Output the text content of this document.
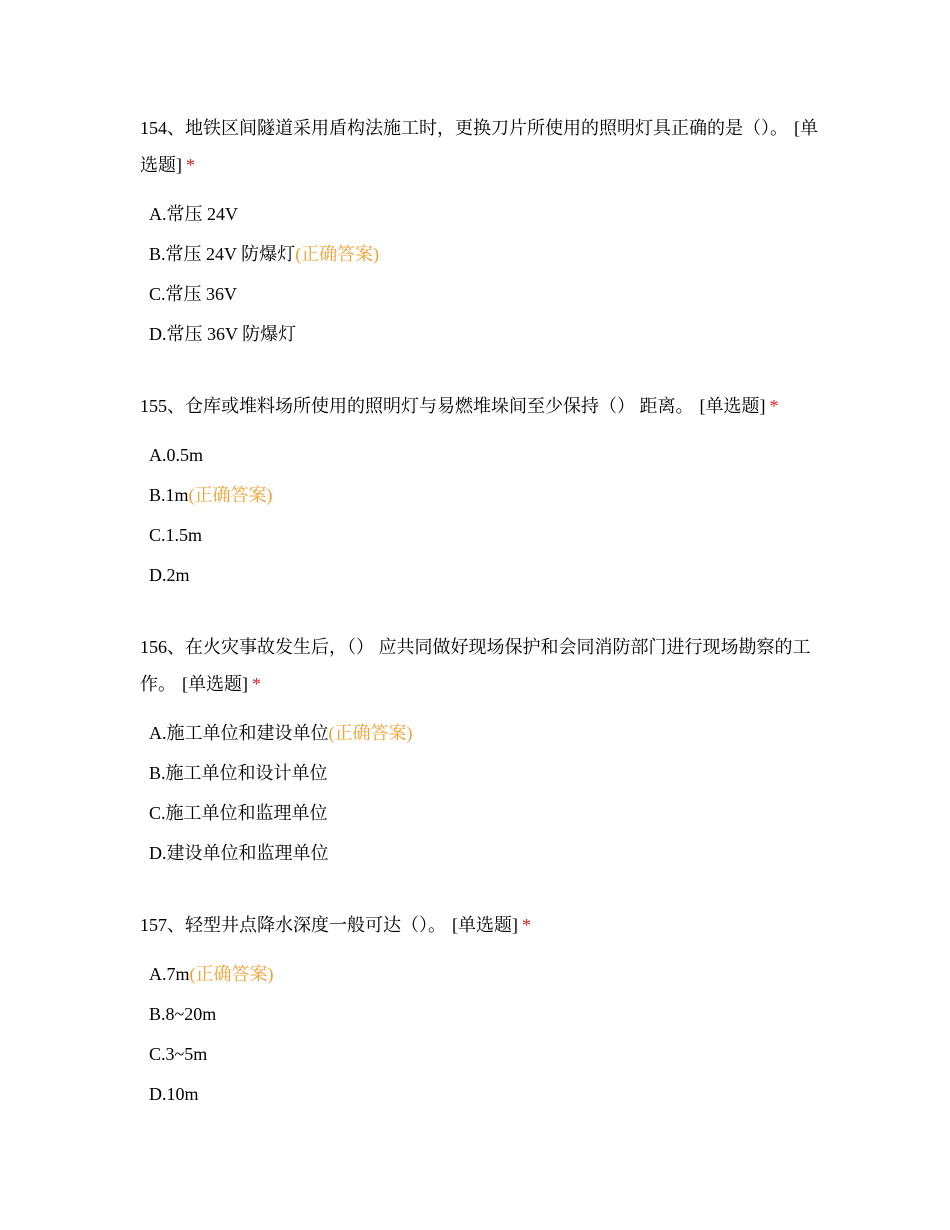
154、地铁区间隧道采用盾构法施工时，更换刀片所使用的照明灯具正确的是（）。 [单选题] *
A.常压 24V
B.常压 24V 防爆灯(正确答案)
C.常压 36V
D.常压 36V 防爆灯
155、仓库或堆料场所使用的照明灯与易燃堆垛间至少保持（） 距离。 [单选题] *
A.0.5m
B.1m(正确答案)
C.1.5m
D.2m
156、在火灾事故发生后，（） 应共同做好现场保护和会同消防部门进行现场勘察的工作。 [单选题] *
A.施工单位和建设单位(正确答案)
B.施工单位和设计单位
C.施工单位和监理单位
D.建设单位和监理单位
157、轻型井点降水深度一般可达（）。 [单选题] *
A.7m(正确答案)
B.8~20m
C.3~5m
D.10m
